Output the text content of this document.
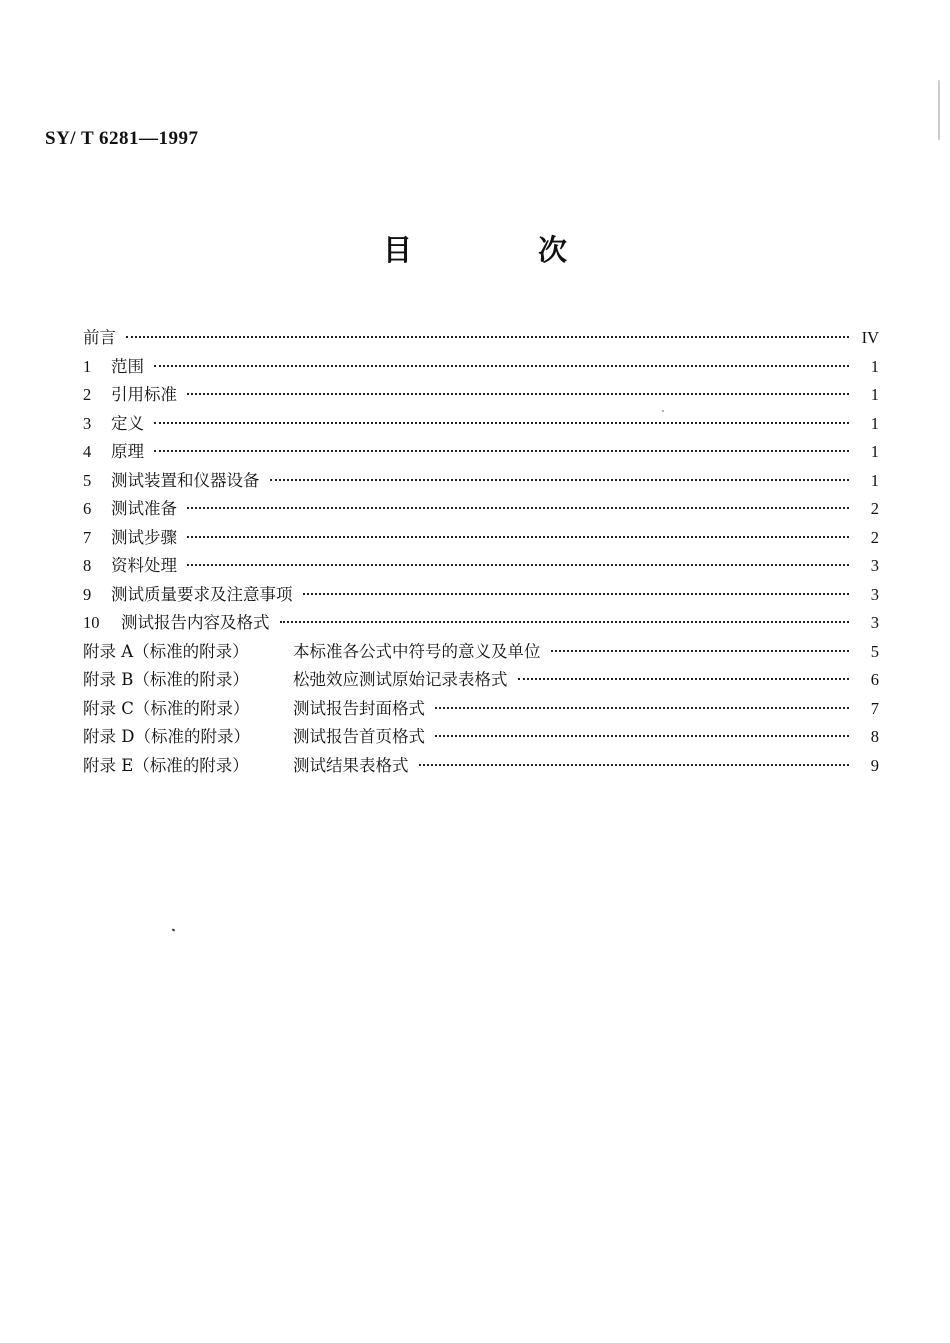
SY/ T 6281—1997
目 次
前言	IV
1	范围	1
2	引用标准	1
3	定义	1
4	原理	1
5	测试装置和仪器设备	1
6	测试准备	2
7	测试步骤	2
8	资料处理	3
9	测试质量要求及注意事项	3
10	测试报告内容及格式	3
附录 A（标准的附录）	本标准各公式中符号的意义及单位	5
附录 B（标准的附录）	松弛效应测试原始记录表格式	6
附录 C（标准的附录）	测试报告封面格式	7
附录 D（标准的附录）	测试报告首页格式	8
附录 E（标准的附录）	测试结果表格式	9
